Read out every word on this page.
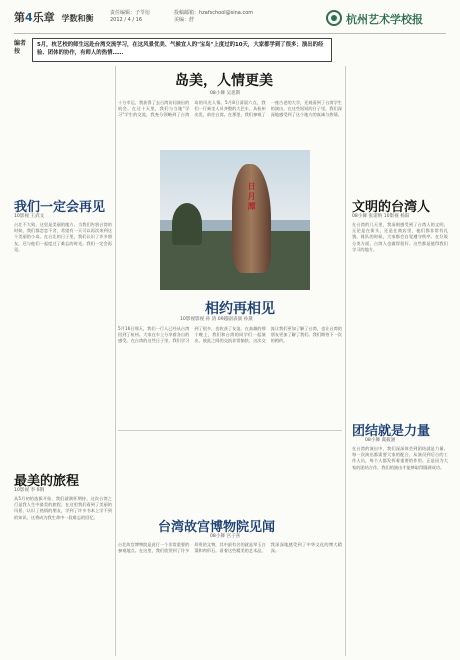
第4乐章 学数和衡
责任编辑：子苓衍
2012 / 4 / 16
投稿邮箱：hzafschool@sina.com
美编：舒	杭州艺术学校报
编者按
5月，杭艺校的师生远赴台湾交流学习，在这风景优美、气候宜人的"宝岛"上度过的10天，大家都学到了很多；演出的经验、团体的协作，有师人的热情……
岛美，人情更美
08小舞 吴思斯
十分幸运，我获得了去台湾访问演出的机会。在这十天里，我们与当地"学习"学生的交流，我充分领略到了台湾岛的风光人情。5月8日清晨六点，我们一行乘坐人员齐整的大巴车，从杭州出发，前往台湾。在那里，我们参观了一座古老的大学，还观看到了台湾学生的演出。在这些短短的日子里，我们深深地感受到了这个地方的真诚与热情。
我们一定会再见
10影视 王武文
台北不大致，这里是美丽的地方。当我们告别台湾的时候，我们都恋恋不舍，希望有一天可以再次来到这个美丽的小岛。在台北的日子里，我们认识了许多朋友，还与他们一起度过了难忘的时光。我们一定会再见。
日月潭
相约再相见
10影视影视 孙 清 09越剧表演 孙黛
5月16日那天，我们一行人已经从台湾回到了杭州。大家在车上分享着各自的感受。在台湾的这些日子里，我们学习到了很多，也收获了友谊。在高雄的那个晚上，我们和台湾的同学们一起演出，彼此之间的交流非常愉快。这次交流让我们更加了解了台湾，也让台湾的朋友更加了解了我们。我们期待下一次的相约。
文明的台湾人
08小舞 张诺纳 10影视 杨阳
在台湾的几天里，我深刻感受到了台湾人的文明。无论是在街头，还是在商店里，他们都非常有礼貌。排队的时候，大家都会自觉遵守秩序。在垃圾分类方面，台湾人也做得很好。这些都是值得我们学习的地方。
团结就是力量
08小舞 虞筱涵
在台湾的演出中，我们深深体会到团结就是力量。每一次演出都需要大家的配合，从演员到后台的工作人员，每个人都发挥着重要的作用。正是因为大家的团结合作，我们的演出才能够取得圆满成功。
最美的旅程
10影视 李书钢
从5月初的选拔开始，我们就满怀期待。这次台湾之行是我人生中最美的旅程。在这里我们看到了美丽的风景，认识了热情的朋友，学到了许多书本上学不到的知识。这将成为我生命中一段难忘的回忆。
台湾故宫博物院见闻
08小舞 宫子喜
台北故宫博物院是此行一个非常重要的参观地点。在这里，我们欣赏到了许多珍贵的文物，其中最有名的就是翠玉白菜和肉形石。看着这些精美的艺术品，我深深地感受到了中华文化的博大精深。
